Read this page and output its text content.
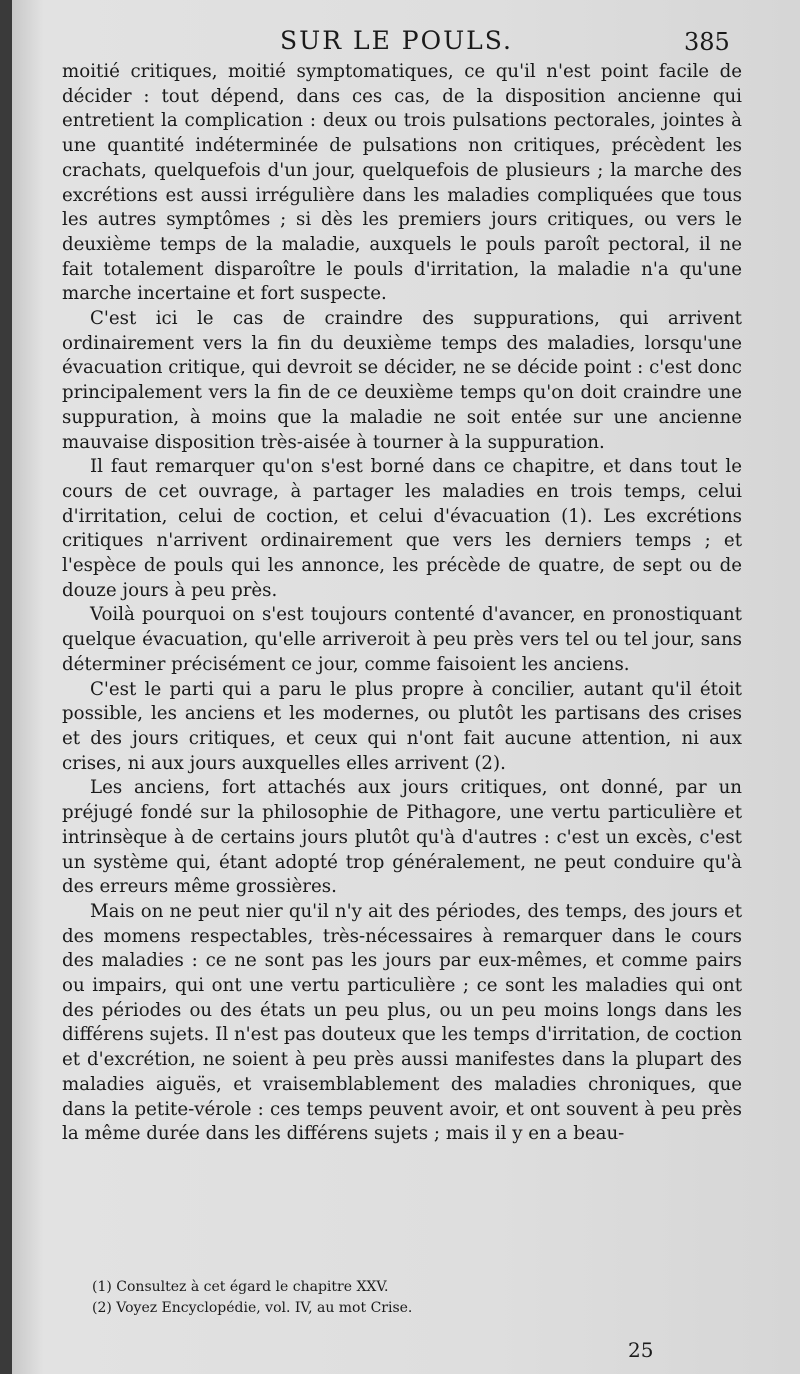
SUR LE POULS.	385

moitié critiques, moitié symptomatiques, ce qu'il n'est point facile de décider : tout dépend, dans ces cas, de la disposition ancienne qui entretient la complication : deux ou trois pulsations pectorales, jointes à une quantité indéterminée de pulsations non critiques, précèdent les crachats, quelquefois d'un jour, quelquefois de plusieurs ; la marche des excrétions est aussi irrégulière dans les maladies compliquées que tous les autres symptômes ; si dès les premiers jours critiques, ou vers le deuxième temps de la maladie, auxquels le pouls paroît pectoral, il ne fait totalement disparoître le pouls d'irritation, la maladie n'a qu'une marche incertaine et fort suspecte.

C'est ici le cas de craindre des suppurations, qui arrivent ordinairement vers la fin du deuxième temps des maladies, lorsqu'une évacuation critique, qui devroit se décider, ne se décide point : c'est donc principalement vers la fin de ce deuxième temps qu'on doit craindre une suppuration, à moins que la maladie ne soit entée sur une ancienne mauvaise disposition très-aisée à tourner à la suppuration.

Il faut remarquer qu'on s'est borné dans ce chapitre, et dans tout le cours de cet ouvrage, à partager les maladies en trois temps, celui d'irritation, celui de coction, et celui d'évacuation (1). Les excrétions critiques n'arrivent ordinairement que vers les derniers temps ; et l'espèce de pouls qui les annonce, les précède de quatre, de sept ou de douze jours à peu près.

Voilà pourquoi on s'est toujours contenté d'avancer, en pronostiquant quelque évacuation, qu'elle arriveroit à peu près vers tel ou tel jour, sans déterminer précisément ce jour, comme faisoient les anciens.

C'est le parti qui a paru le plus propre à concilier, autant qu'il étoit possible, les anciens et les modernes, ou plutôt les partisans des crises et des jours critiques, et ceux qui n'ont fait aucune attention, ni aux crises, ni aux jours auxquelles elles arrivent (2).

Les anciens, fort attachés aux jours critiques, ont donné, par un préjugé fondé sur la philosophie de Pithagore, une vertu particulière et intrinsèque à de certains jours plutôt qu'à d'autres : c'est un excès, c'est un système qui, étant adopté trop généralement, ne peut conduire qu'à des erreurs même grossières.

Mais on ne peut nier qu'il n'y ait des périodes, des temps, des jours et des momens respectables, très-nécessaires à remarquer dans le cours des maladies : ce ne sont pas les jours par eux-mêmes, et comme pairs ou impairs, qui ont une vertu particulière ; ce sont les maladies qui ont des périodes ou des états un peu plus, ou un peu moins longs dans les différens sujets. Il n'est pas douteux que les temps d'irritation, de coction et d'excrétion, ne soient à peu près aussi manifestes dans la plupart des maladies aiguës, et vraisemblablement des maladies chroniques, que dans la petite-vérole : ces temps peuvent avoir, et ont souvent à peu près la même durée dans les différens sujets ; mais il y en a beau-

(1) Consultez à cet égard le chapitre XXV.
(2) Voyez Encyclopédie, vol. IV, au mot Crise.
25
